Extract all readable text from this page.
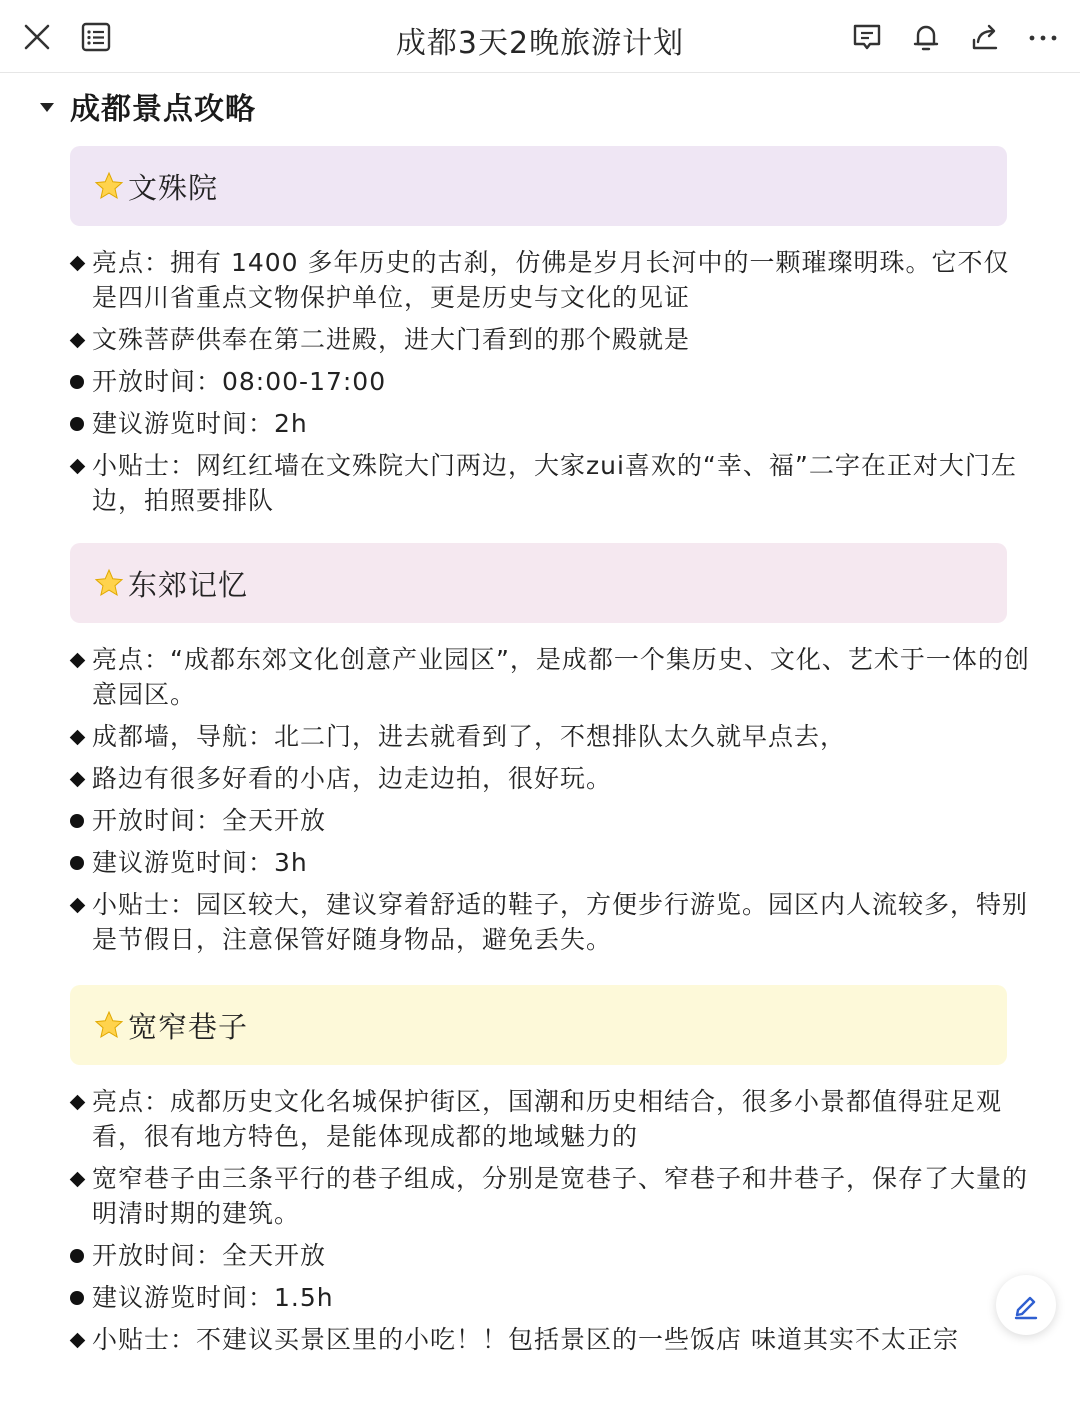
成都3天2晚旅游计划
成都景点攻略
文殊院
亮点：拥有 1400 多年历史的古刹，仿佛是岁月长河中的一颗璀璨明珠。它不仅是四川省重点文物保护单位，更是历史与文化的见证
文殊菩萨供奉在第二进殿，进大门看到的那个殿就是
开放时间：08:00-17:00
建议游览时间：2h
小贴士：网红红墙在文殊院大门两边，大家zui喜欢的“幸、福”二字在正对大门左边，拍照要排队
东郊记忆
亮点：“成都东郊文化创意产业园区”，是成都一个集历史、文化、艺术于一体的创意园区。
成都墙，导航：北二门，进去就看到了，不想排队太久就早点去，
路边有很多好看的小店，边走边拍，很好玩。
开放时间：全天开放
建议游览时间：3h
小贴士：园区较大，建议穿着舒适的鞋子，方便步行游览。园区内人流较多，特别是节假日，注意保管好随身物品，避免丢失。
宽窄巷子
亮点：成都历史文化名城保护街区，国潮和历史相结合，很多小景都值得驻足观看，很有地方特色，是能体现成都的地域魅力的
宽窄巷子由三条平行的巷子组成，分别是宽巷子、窄巷子和井巷子，保存了大量的明清时期的建筑。
开放时间：全天开放
建议游览时间：1.5h
小贴士：不建议买景区里的小吃！！包括景区的一些饭店 味道其实不太正宗
